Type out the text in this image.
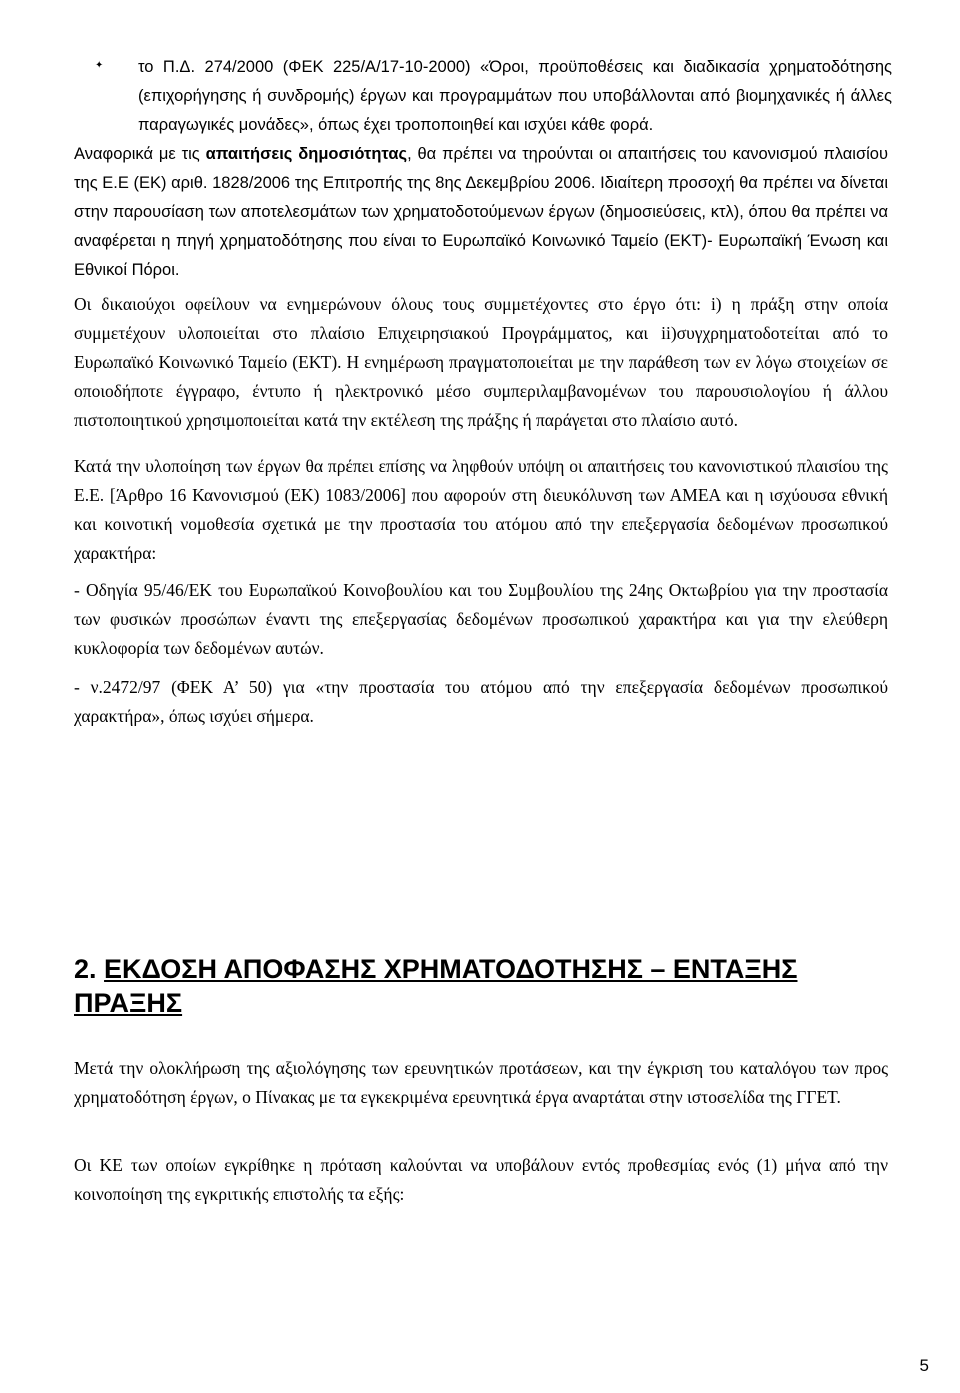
✦ το Π.Δ. 274/2000 (ΦΕΚ 225/Α/17-10-2000) «Όροι, προϋποθέσεις και διαδικασία χρηματοδότησης (επιχορήγησης ή συνδρομής) έργων και προγραμμάτων που υποβάλλονται από βιομηχανικές ή άλλες παραγωγικές μονάδες», όπως έχει τροποποιηθεί και ισχύει κάθε φορά.

Αναφορικά με τις απαιτήσεις δημοσιότητας, θα πρέπει να τηρούνται οι απαιτήσεις του κανονισμού πλαισίου της Ε.Ε (ΕΚ) αριθ. 1828/2006 της Επιτροπής της 8ης Δεκεμβρίου 2006. Ιδιαίτερη προσοχή θα πρέπει να δίνεται στην παρουσίαση των αποτελεσμάτων των χρηματοδοτούμενων έργων (δημοσιεύσεις, κτλ), όπου θα πρέπει να αναφέρεται η πηγή χρηματοδότησης που είναι το Ευρωπαϊκό Κοινωνικό Ταμείο (ΕΚΤ)- Ευρωπαϊκή Ένωση και Εθνικοί Πόροι.

Οι δικαιούχοι οφείλουν να ενημερώνουν όλους τους συμμετέχοντες στο έργο ότι: i) η πράξη στην οποία συμμετέχουν υλοποιείται στο πλαίσιο Επιχειρησιακού Προγράμματος, και ii)συγχρηματοδοτείται από το Ευρωπαϊκό Κοινωνικό Ταμείο (ΕΚΤ). Η ενημέρωση πραγματοποιείται με την παράθεση των εν λόγω στοιχείων σε οποιοδήποτε έγγραφο, έντυπο ή ηλεκτρονικό μέσο συμπεριλαμβανομένων του παρουσιολογίου ή άλλου πιστοποιητικού χρησιμοποιείται κατά την εκτέλεση της πράξης ή παράγεται στο πλαίσιο αυτό.

Κατά την υλοποίηση των έργων θα πρέπει επίσης να ληφθούν υπόψη οι απαιτήσεις του κανονιστικού πλαισίου της Ε.Ε. [Άρθρο 16 Κανονισμού (ΕΚ) 1083/2006] που αφορούν στη διευκόλυνση των ΑΜΕΑ και η ισχύουσα εθνική και κοινοτική νομοθεσία σχετικά με την προστασία του ατόμου από την επεξεργασία δεδομένων προσωπικού χαρακτήρα:

- Οδηγία 95/46/ΕΚ του Ευρωπαϊκού Κοινοβουλίου και του Συμβουλίου της 24ης Οκτωβρίου για την προστασία των φυσικών προσώπων έναντι της επεξεργασίας δεδομένων προσωπικού χαρακτήρα και για την ελεύθερη κυκλοφορία των δεδομένων αυτών.

- ν.2472/97 (ΦΕΚ Α’ 50) για «την προστασία του ατόμου από την επεξεργασία δεδομένων προσωπικού χαρακτήρα», όπως ισχύει σήμερα.

2. ΕΚΔΟΣΗ ΑΠΟΦΑΣΗΣ ΧΡΗΜΑΤΟΔΟΤΗΣΗΣ – ΕΝΤΑΞΗΣ ΠΡΑΞΗΣ

Μετά την ολοκλήρωση της αξιολόγησης των ερευνητικών προτάσεων, και την έγκριση του καταλόγου των προς χρηματοδότηση έργων, ο Πίνακας με τα εγκεκριμένα ερευνητικά έργα αναρτάται στην ιστοσελίδα της ΓΓΕΤ.

Οι ΚΕ των οποίων εγκρίθηκε η πρόταση καλούνται να υποβάλουν εντός προθεσμίας ενός (1) μήνα από την κοινοποίηση της εγκριτικής επιστολής τα εξής:

5
